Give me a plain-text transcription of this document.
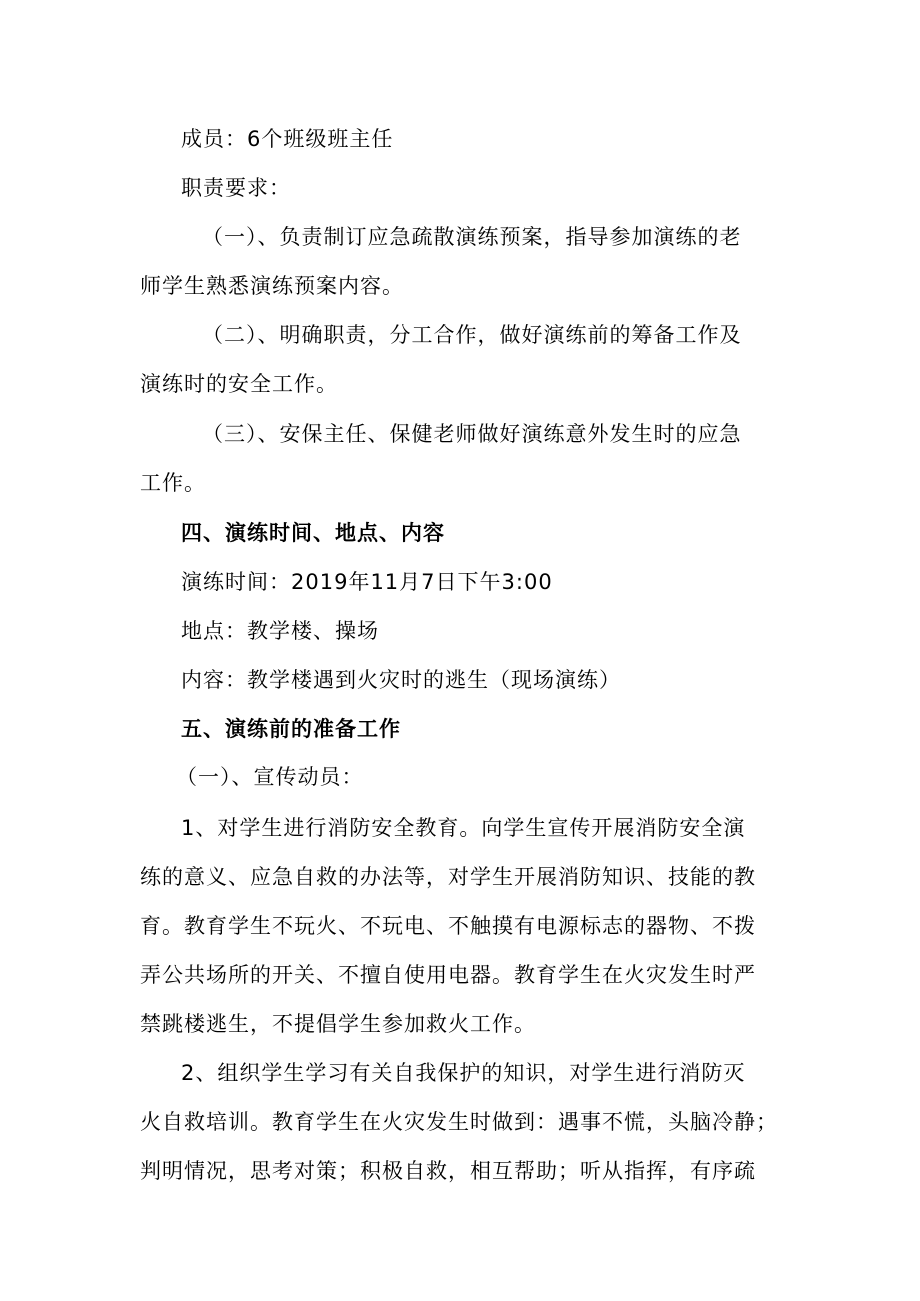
成员：6个班级班主任

职责要求：

（一）、负责制订应急疏散演练预案，指导参加演练的老

师学生熟悉演练预案内容。

（二）、明确职责，分工合作，做好演练前的筹备工作及

演练时的安全工作。

（三）、安保主任、保健老师做好演练意外发生时的应急

工作。

四、演练时间、地点、内容

演练时间：2019年11月7日下午3:00

地点：教学楼、操场

内容：教学楼遇到火灾时的逃生（现场演练）

五、演练前的准备工作

（一）、宣传动员：

1、对学生进行消防安全教育。向学生宣传开展消防安全演

练的意义、应急自救的办法等，对学生开展消防知识、技能的教

育。教育学生不玩火、不玩电、不触摸有电源标志的器物、不拨

弄公共场所的开关、不擅自使用电器。教育学生在火灾发生时严

禁跳楼逃生，不提倡学生参加救火工作。

2、组织学生学习有关自我保护的知识，对学生进行消防灭

火自救培训。教育学生在火灾发生时做到：遇事不慌，头脑冷静；

判明情况，思考对策；积极自救，相互帮助；听从指挥，有序疏
